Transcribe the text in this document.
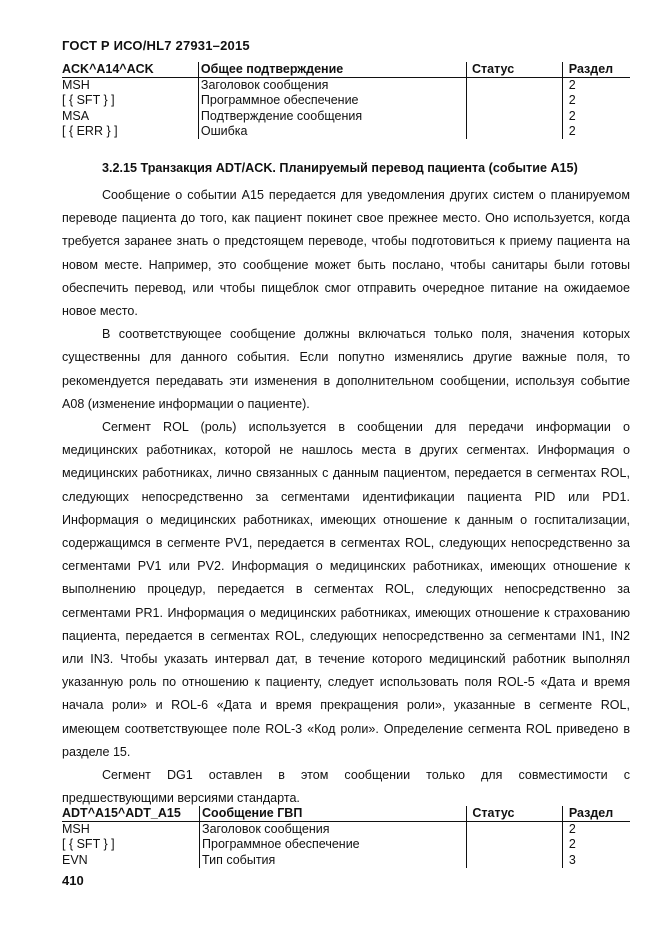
ГОСТ Р ИСО/HL7 27931–2015
ACK^A14^ACK	Общее подтверждение	Статус	Раздел
MSH	Заголовок сообщения		2
[ { SFT } ]	Программное обеспечение		2
MSA	Подтверждение сообщения		2
[ { ERR } ]	Ошибка		2
3.2.15 Транзакция ADT/ACK. Планируемый перевод пациента (событие A15)

Сообщение о событии A15 передается для уведомления других систем о планируемом переводе пациента до того, как пациент покинет свое прежнее место. Оно используется, когда требуется заранее знать о предстоящем переводе, чтобы подготовиться к приему пациента на новом месте. Например, это сообщение может быть послано, чтобы санитары были готовы обеспечить перевод, или чтобы пищеблок смог отправить очередное питание на ожидаемое новое место.

В соответствующее сообщение должны включаться только поля, значения которых существенны для данного события. Если попутно изменялись другие важные поля, то рекомендуется передавать эти изменения в дополнительном сообщении, используя событие A08 (изменение информации о пациенте).

Сегмент ROL (роль) используется в сообщении для передачи информации о медицинских работниках, которой не нашлось места в других сегментах. Информация о медицинских работниках, лично связанных с данным пациентом, передается в сегментах ROL, следующих непосредственно за сегментами идентификации пациента PID или PD1. Информация о медицинских работниках, имеющих отношение к данным о госпитализации, содержащимся в сегменте PV1, передается в сегментах ROL, следующих непосредственно за сегментами PV1 или PV2. Информация о медицинских работниках, имеющих отношение к выполнению процедур, передается в сегментах ROL, следующих непосредственно за сегментами PR1. Информация о медицинских работниках, имеющих отношение к страхованию пациента, передается в сегментах ROL, следующих непосредственно за сегментами IN1, IN2 или IN3. Чтобы указать интервал дат, в течение которого медицинский работник выполнял указанную роль по отношению к пациенту, следует использовать поля ROL-5 «Дата и время начала роли» и ROL-6 «Дата и время прекращения роли», указанные в сегменте ROL, имеющем соответствующее поле ROL-3 «Код роли». Определение сегмента ROL приведено в разделе 15.

Сегмент DG1 оставлен в этом сообщении только для совместимости с предшествующими версиями стандарта.

ADT^A15^ADT_A15	Сообщение ГВП	Статус	Раздел
MSH	Заголовок сообщения		2
[ { SFT } ]	Программное обеспечение		2
EVN	Тип события		3
410
